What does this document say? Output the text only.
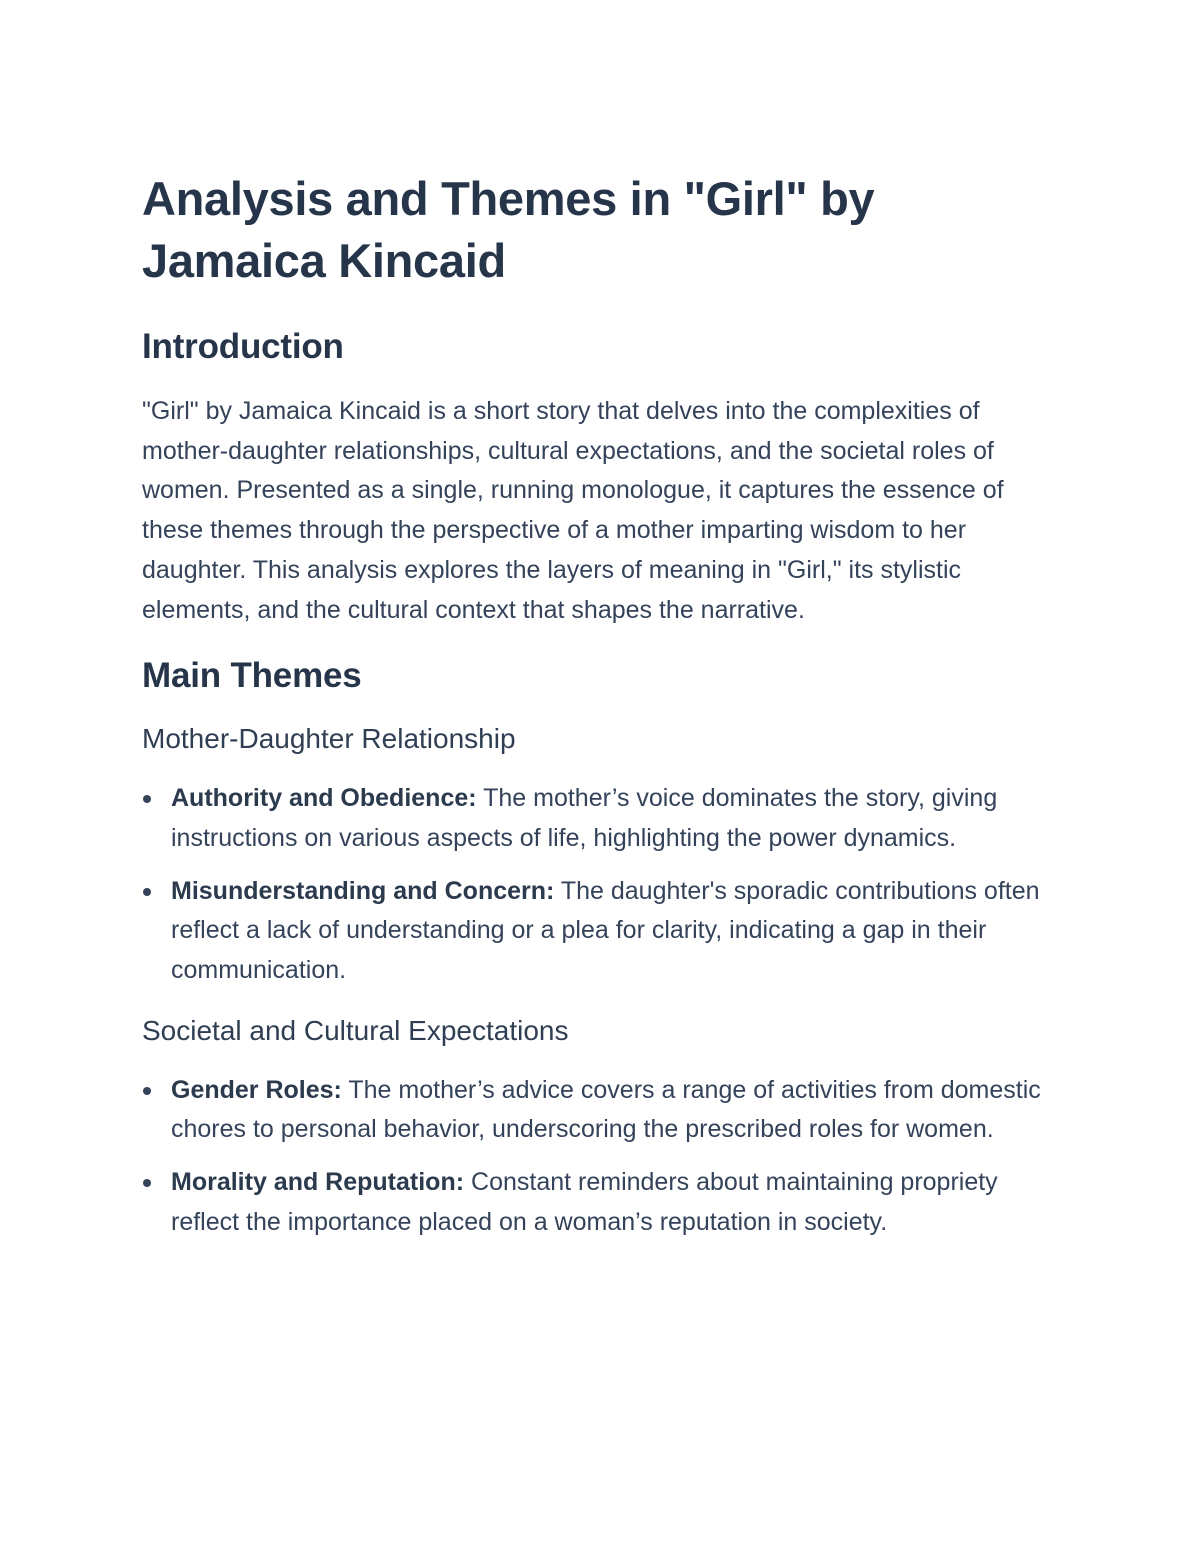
Analysis and Themes in "Girl" by Jamaica Kincaid
Introduction

"Girl" by Jamaica Kincaid is a short story that delves into the complexities of mother-daughter relationships, cultural expectations, and the societal roles of women. Presented as a single, running monologue, it captures the essence of these themes through the perspective of a mother imparting wisdom to her daughter. This analysis explores the layers of meaning in "Girl," its stylistic elements, and the cultural context that shapes the narrative.

Main Themes
Mother-Daughter Relationship
Authority and Obedience: The mother’s voice dominates the story, giving instructions on various aspects of life, highlighting the power dynamics.
Misunderstanding and Concern: The daughter's sporadic contributions often reflect a lack of understanding or a plea for clarity, indicating a gap in their communication.
Societal and Cultural Expectations
Gender Roles: The mother’s advice covers a range of activities from domestic chores to personal behavior, underscoring the prescribed roles for women.
Morality and Reputation: Constant reminders about maintaining propriety reflect the importance placed on a woman’s reputation in society.
